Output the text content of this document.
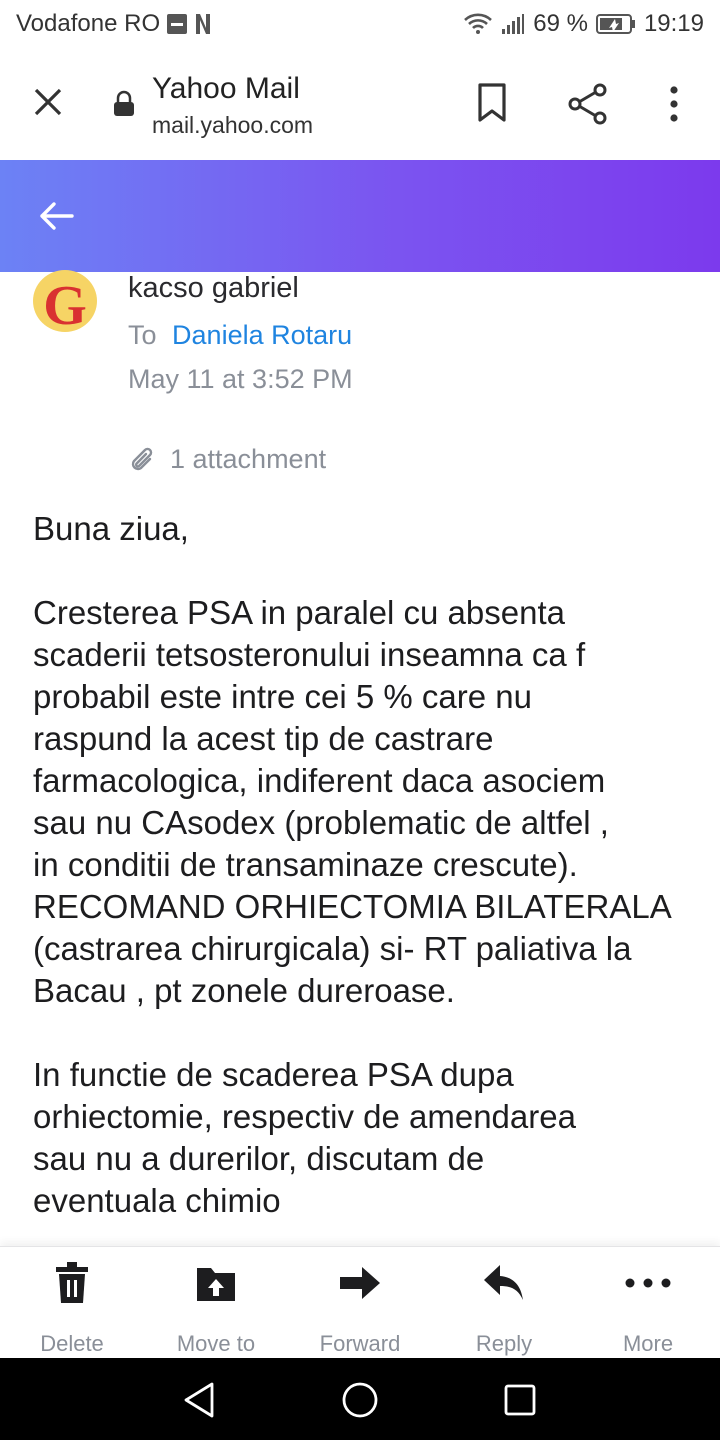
Vodafone RO	69 % 19:19
Yahoo Mail
mail.yahoo.com
G	kacso gabriel
To Daniela Rotaru
May 11 at 3:52 PM
1 attachment

Buna ziua,

Cresterea PSA in paralel cu absenta
scaderii tetsosteronului inseamna ca f
probabil este intre cei 5 % care nu
raspund la acest tip de castrare
farmacologica, indiferent daca asociem
sau nu CAsodex (problematic de altfel ,
in conditii de transaminaze crescute).
RECOMAND ORHIECTOMIA BILATERALA
(castrarea chirurgicala) si- RT paliativa la
Bacau , pt zonele dureroase.

In functie de scaderea PSA dupa
orhiectomie, respectiv de amendarea
sau nu a durerilor, discutam de
eventuala chimio

Delete	Move to	Forward	Reply	More
